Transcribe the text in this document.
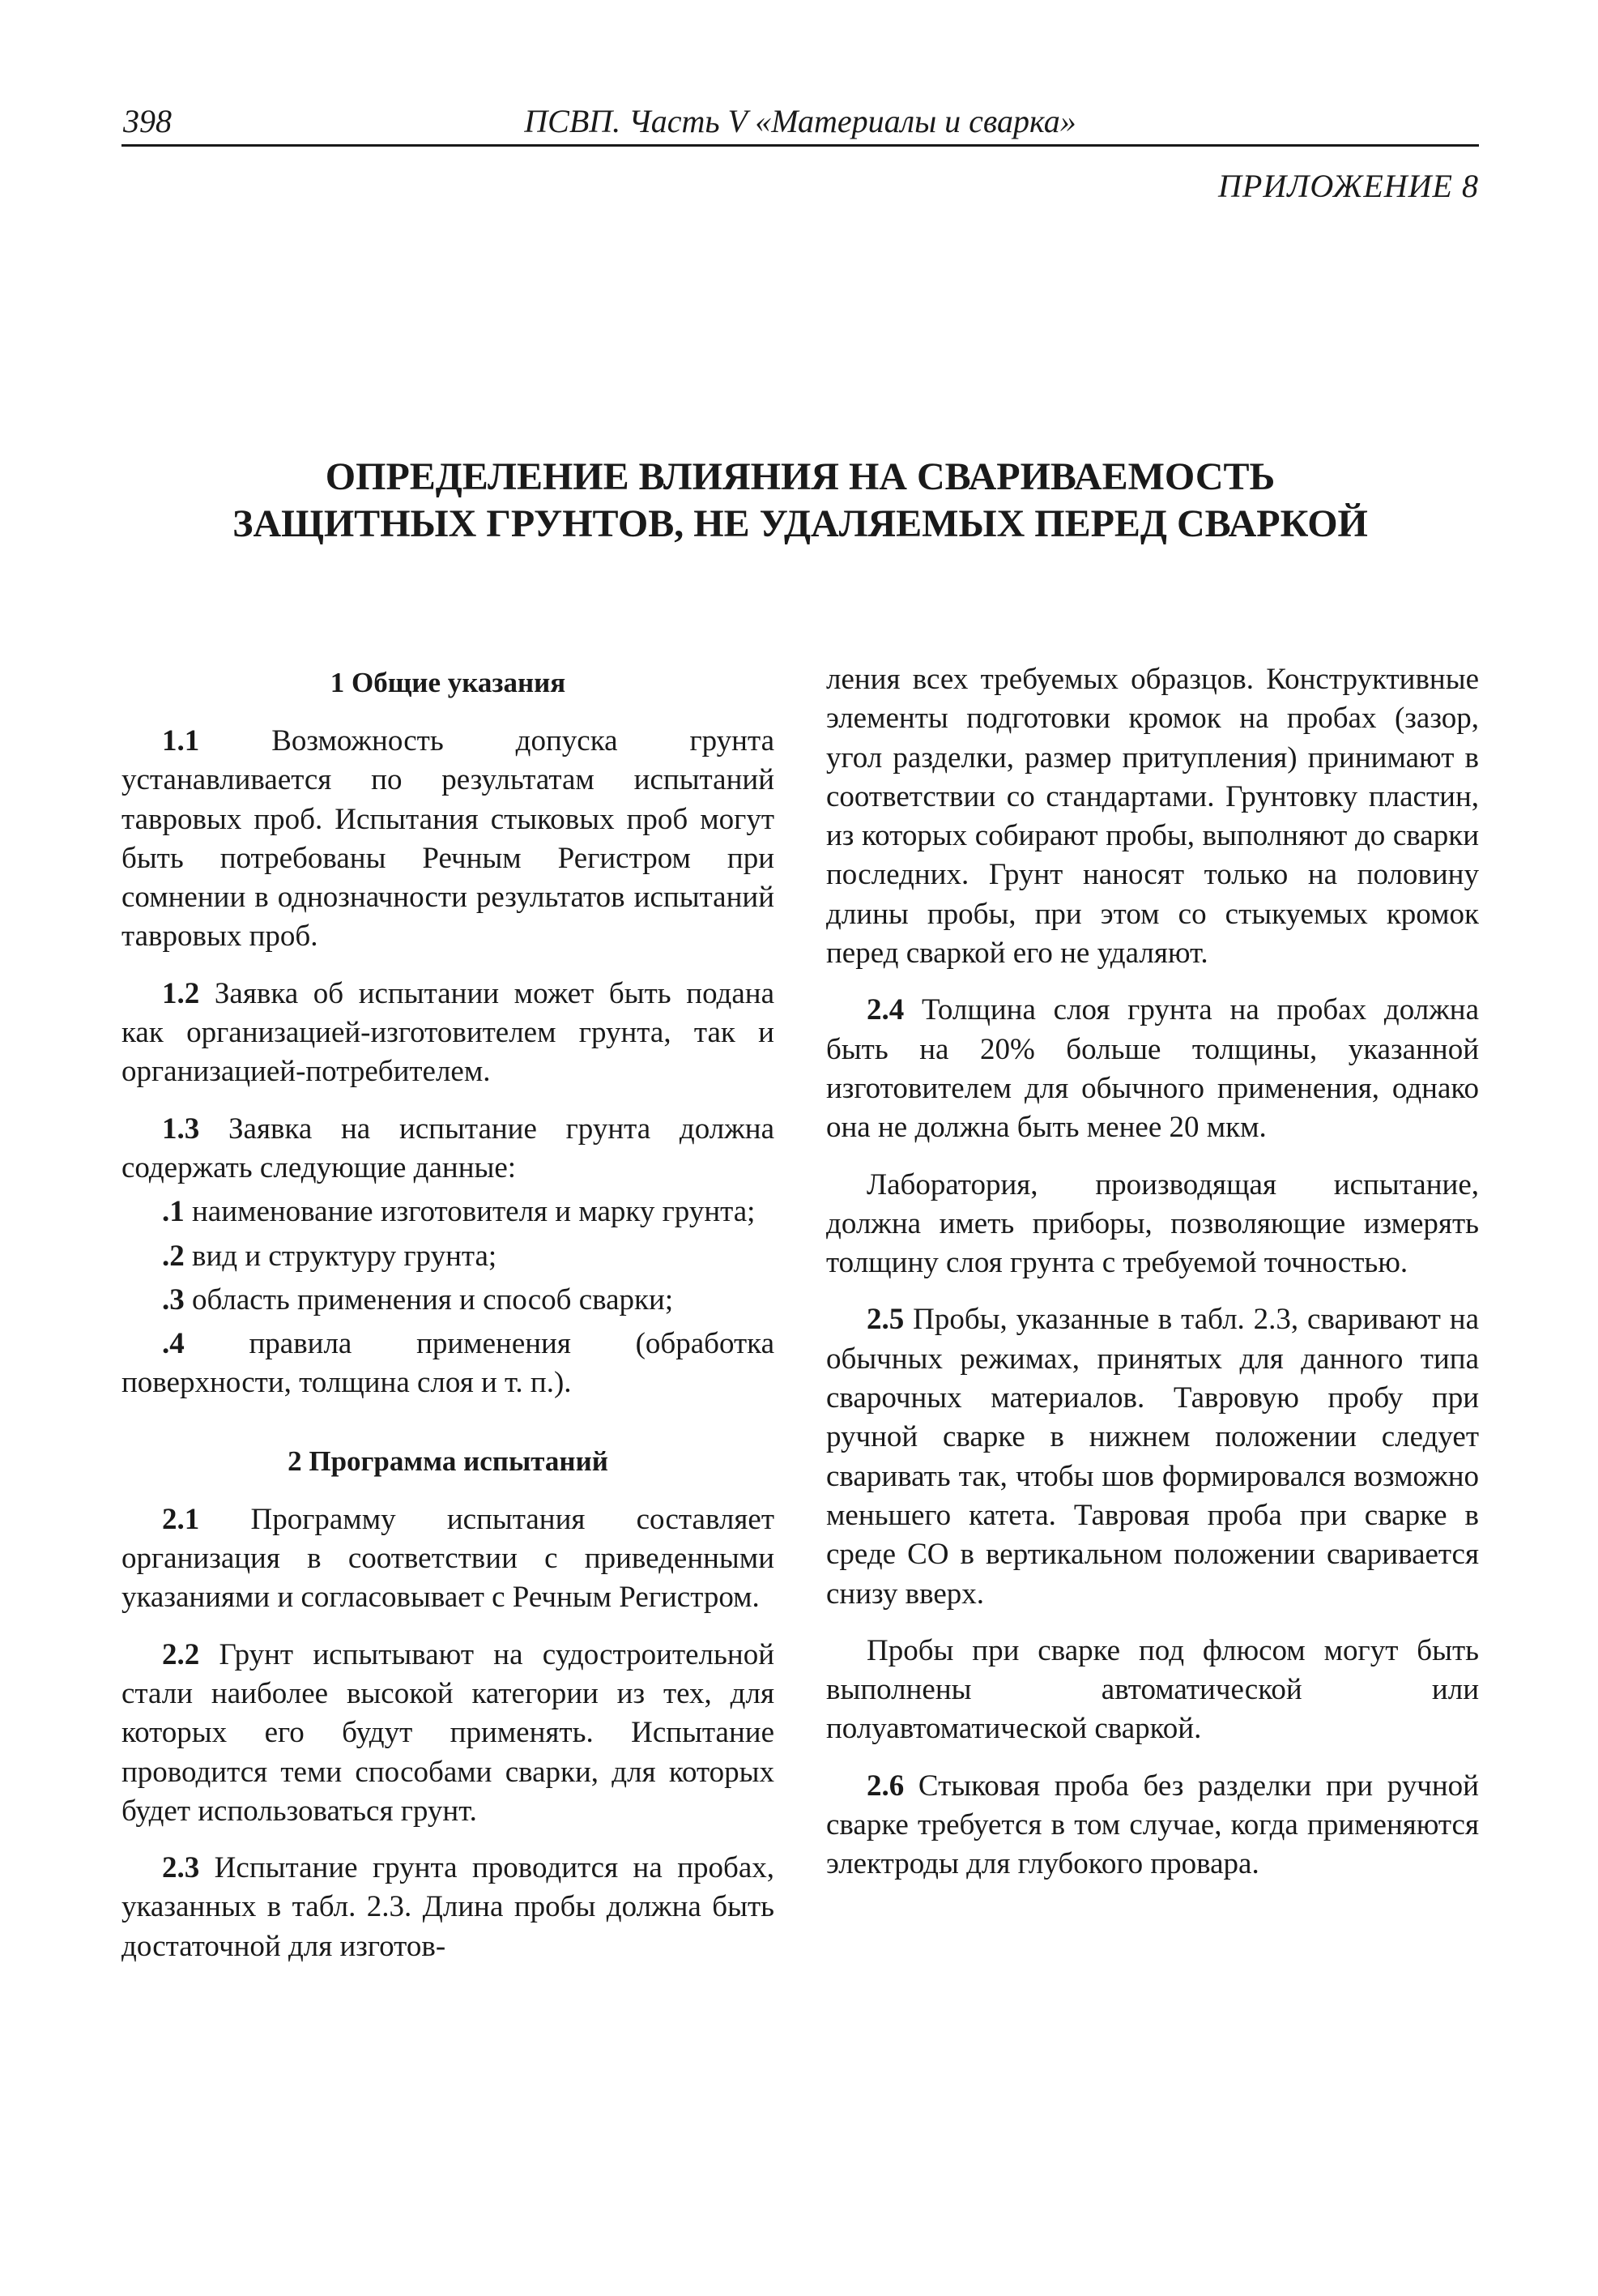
398	ПСВП. Часть V «Материалы и сварка»
ПРИЛОЖЕНИЕ 8
ОПРЕДЕЛЕНИЕ ВЛИЯНИЯ НА СВАРИВАЕМОСТЬ
ЗАЩИТНЫХ ГРУНТОВ, НЕ УДАЛЯЕМЫХ ПЕРЕД СВАРКОЙ
1 Общие указания

1.1 Возможность допуска грунта устанавливается по результатам испытаний тавровых проб. Испытания стыковых проб могут быть потребованы Речным Регистром при сомнении в однозначности результатов испытаний тавровых проб.

1.2 Заявка об испытании может быть подана как организацией-изготовителем грунта, так и организацией-потребителем.

1.3 Заявка на испытание грунта должна содержать следующие данные:

.1 наименование изготовителя и марку грунта;

.2 вид и структуру грунта;

.3 область применения и способ сварки;

.4 правила применения (обработка поверхности, толщина слоя и т. п.).

2 Программа испытаний

2.1 Программу испытания составляет организация в соответствии с приведенными указаниями и согласовывает с Речным Регистром.

2.2 Грунт испытывают на судостроительной стали наиболее высокой категории из тех, для которых его будут применять. Испытание проводится теми способами сварки, для которых будет использоваться грунт.

2.3 Испытание грунта проводится на пробах, указанных в табл. 2.3. Длина пробы должна быть достаточной для изготов-

ления всех требуемых образцов. Конструктивные элементы подготовки кромок на пробах (зазор, угол разделки, размер притупления) принимают в соответствии со стандартами. Грунтовку пластин, из которых собирают пробы, выполняют до сварки последних. Грунт наносят только на половину длины пробы, при этом со стыкуемых кромок перед сваркой его не удаляют.

2.4 Толщина слоя грунта на пробах должна быть на 20% больше толщины, указанной изготовителем для обычного применения, однако она не должна быть менее 20 мкм.

Лаборатория, производящая испытание, должна иметь приборы, позволяющие измерять толщину слоя грунта с требуемой точностью.

2.5 Пробы, указанные в табл. 2.3, сваривают на обычных режимах, принятых для данного типа сварочных материалов. Тавровую пробу при ручной сварке в нижнем положении следует сваривать так, чтобы шов формировался возможно меньшего катета. Тавровая проба при сварке в среде CO в вертикальном положении сваривается снизу вверх.

Пробы при сварке под флюсом могут быть выполнены автоматической или полуавтоматической сваркой.

2.6 Стыковая проба без разделки при ручной сварке требуется в том случае, когда применяются электроды для глубокого провара.
